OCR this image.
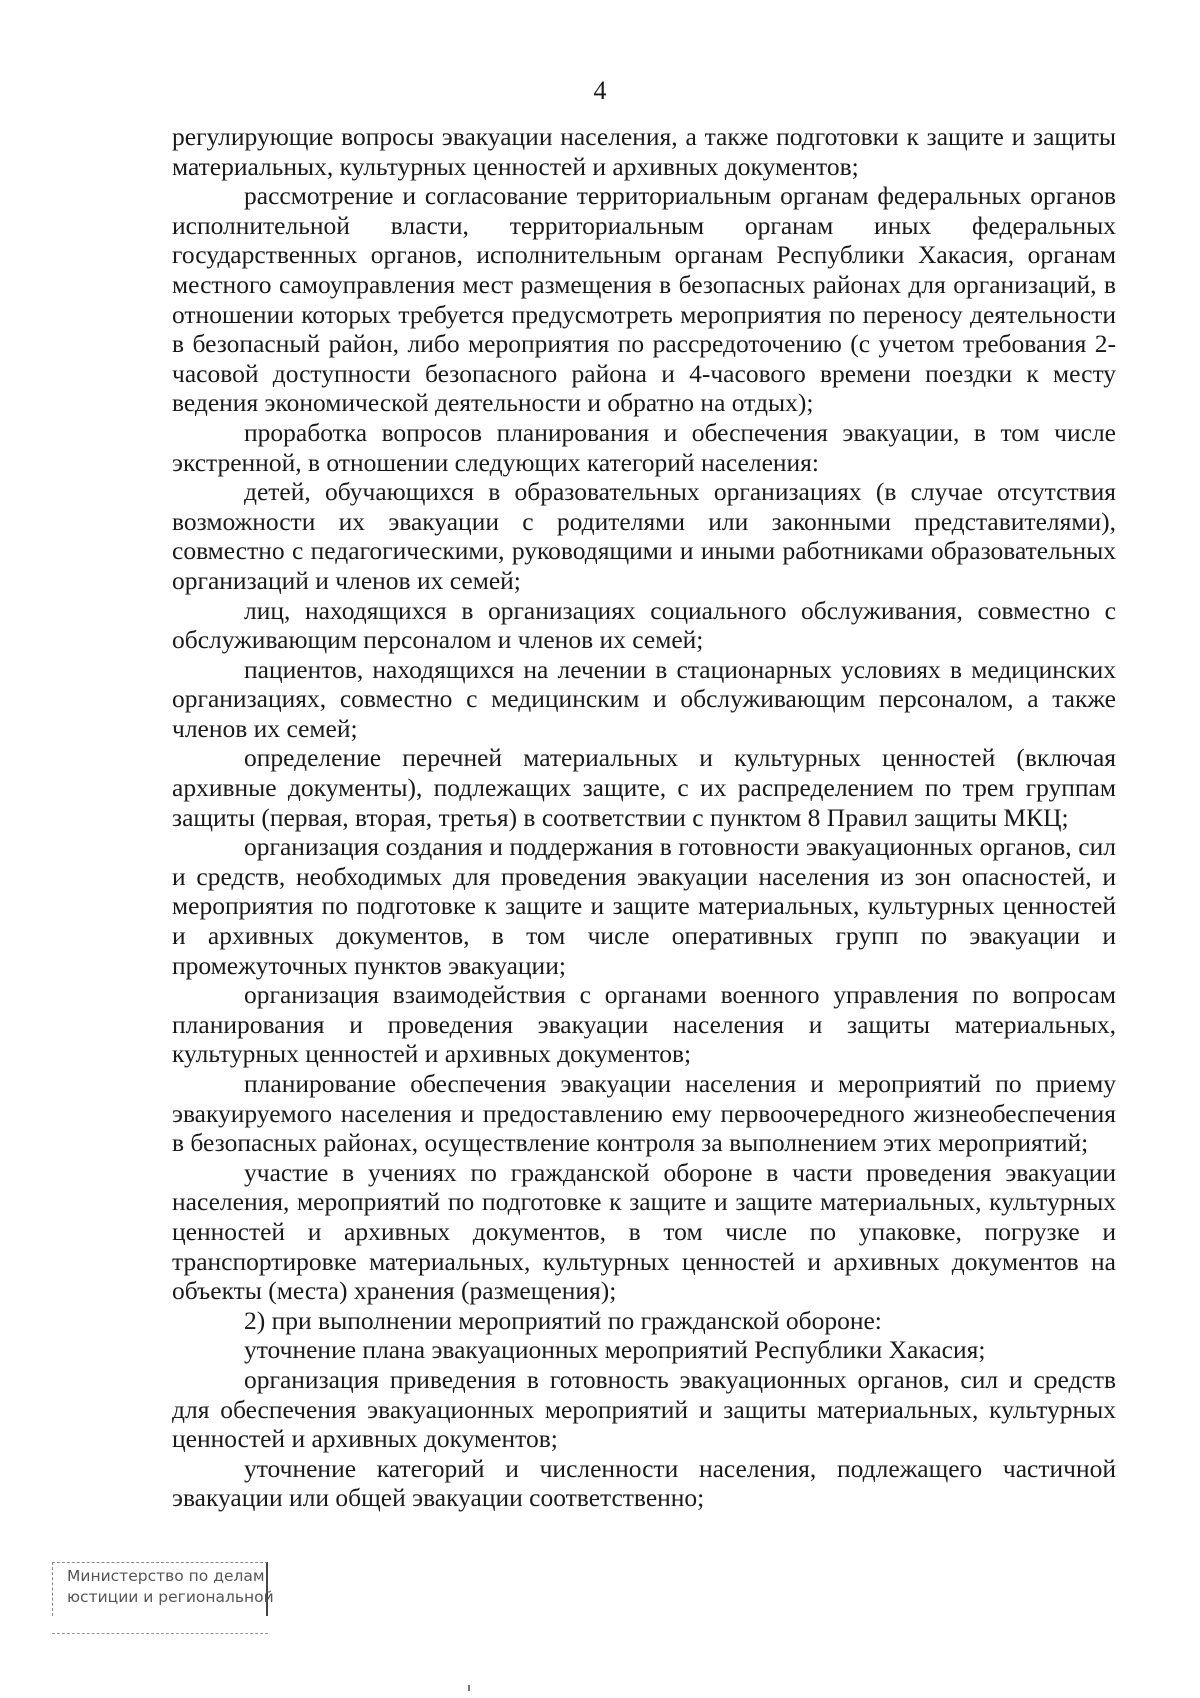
4

регулирующие вопросы эвакуации населения, а также подготовки к защите и защиты материальных, культурных ценностей и архивных документов;

рассмотрение и согласование территориальным органам федеральных органов исполнительной власти, территориальным органам иных федеральных государственных органов, исполнительным органам Республики Хакасия, органам местного самоуправления мест размещения в безопасных районах для организаций, в отношении которых требуется предусмотреть мероприятия по переносу деятельности в безопасный район, либо мероприятия по рассредоточению (с учетом требования 2-часовой доступности безопасного района и 4-часового времени поездки к месту ведения экономической деятельности и обратно на отдых);

проработка вопросов планирования и обеспечения эвакуации, в том числе экстренной, в отношении следующих категорий населения:

детей, обучающихся в образовательных организациях (в случае отсутствия возможности их эвакуации с родителями или законными представителями), совместно с педагогическими, руководящими и иными работниками образовательных организаций и членов их семей;

лиц, находящихся в организациях социального обслуживания, совместно с обслуживающим персоналом и членов их семей;

пациентов, находящихся на лечении в стационарных условиях в медицинских организациях, совместно с медицинским и обслуживающим персоналом, а также членов их семей;

определение перечней материальных и культурных ценностей (включая архивные документы), подлежащих защите, с их распределением по трем группам защиты (первая, вторая, третья) в соответствии с пунктом 8 Правил защиты МКЦ;

организация создания и поддержания в готовности эвакуационных органов, сил и средств, необходимых для проведения эвакуации населения из зон опасностей, и мероприятия по подготовке к защите и защите материальных, культурных ценностей и архивных документов, в том числе оперативных групп по эвакуации и промежуточных пунктов эвакуации;

организация взаимодействия с органами военного управления по вопросам планирования и проведения эвакуации населения и защиты материальных, культурных ценностей и архивных документов;

планирование обеспечения эвакуации населения и мероприятий по приему эвакуируемого населения и предоставлению ему первоочередного жизнеобеспечения в безопасных районах, осуществление контроля за выполнением этих мероприятий;

участие в учениях по гражданской обороне в части проведения эвакуации населения, мероприятий по подготовке к защите и защите материальных, культурных ценностей и архивных документов, в том числе по упаковке, погрузке и транспортировке материальных, культурных ценностей и архивных документов на объекты (места) хранения (размещения);

2) при выполнении мероприятий по гражданской обороне:

уточнение плана эвакуационных мероприятий Республики Хакасия;

организация приведения в готовность эвакуационных органов, сил и средств для обеспечения эвакуационных мероприятий и защиты материальных, культурных ценностей и архивных документов;

уточнение категорий и численности населения, подлежащего частичной эвакуации или общей эвакуации соответственно;

Министерство по делам
юстиции и региональной
